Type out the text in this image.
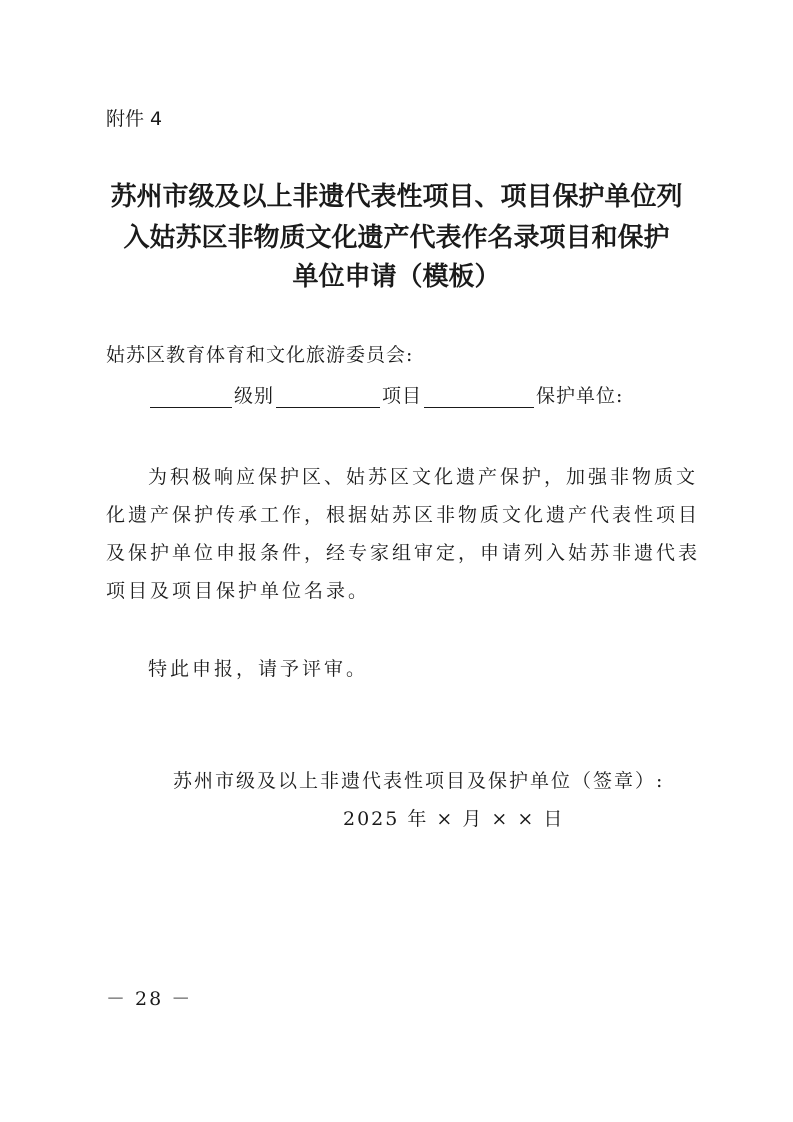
附件 4
苏州市级及以上非遗代表性项目、项目保护单位列
入姑苏区非物质文化遗产代表作名录项目和保护
单位申请（模板）
姑苏区教育体育和文化旅游委员会:
级别	项目	保护单位:
为积极响应保护区、姑苏区文化遗产保护，加强非物质文
化遗产保护传承工作，根据姑苏区非物质文化遗产代表性项目
及保护单位申报条件，经专家组审定，申请列入姑苏非遗代表
项目及项目保护单位名录。
特此申报，请予评审。
苏州市级及以上非遗代表性项目及保护单位（签章）:
2025 年 × 月 × × 日
－ 28 －
